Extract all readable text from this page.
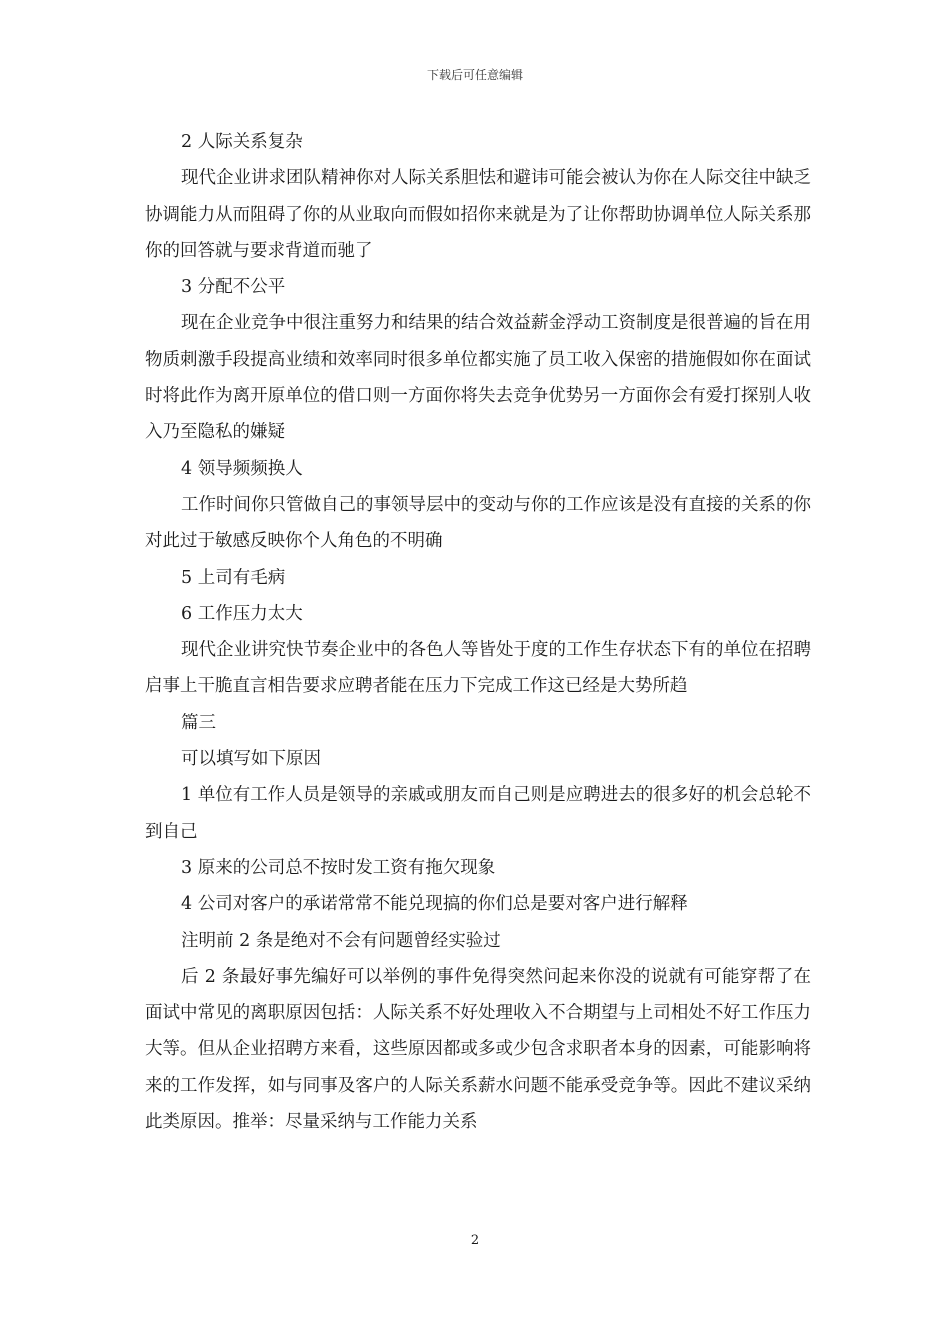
下载后可任意编辑

2 人际关系复杂

现代企业讲求团队精神你对人际关系胆怯和避讳可能会被认为你在人际交往中缺乏协调能力从而阻碍了你的从业取向而假如招你来就是为了让你帮助协调单位人际关系那你的回答就与要求背道而驰了

3 分配不公平

现在企业竞争中很注重努力和结果的结合效益薪金浮动工资制度是很普遍的旨在用物质刺激手段提高业绩和效率同时很多单位都实施了员工收入保密的措施假如你在面试时将此作为离开原单位的借口则一方面你将失去竞争优势另一方面你会有爱打探别人收入乃至隐私的嫌疑

4 领导频频换人

工作时间你只管做自己的事领导层中的变动与你的工作应该是没有直接的关系的你对此过于敏感反映你个人角色的不明确

5 上司有毛病

6 工作压力太大

现代企业讲究快节奏企业中的各色人等皆处于度的工作生存状态下有的单位在招聘启事上干脆直言相告要求应聘者能在压力下完成工作这已经是大势所趋

篇三

可以填写如下原因

1 单位有工作人员是领导的亲戚或朋友而自己则是应聘进去的很多好的机会总轮不到自己

3 原来的公司总不按时发工资有拖欠现象

4 公司对客户的承诺常常不能兑现搞的你们总是要对客户进行解释

注明前 2 条是绝对不会有问题曾经实验过

后 2 条最好事先编好可以举例的事件免得突然问起来你没的说就有可能穿帮了在面试中常见的离职原因包括：人际关系不好处理收入不合期望与上司相处不好工作压力大等。但从企业招聘方来看，这些原因都或多或少包含求职者本身的因素，可能影响将来的工作发挥，如与同事及客户的人际关系薪水问题不能承受竞争等。因此不建议采纳此类原因。推举：尽量采纳与工作能力关系

2
